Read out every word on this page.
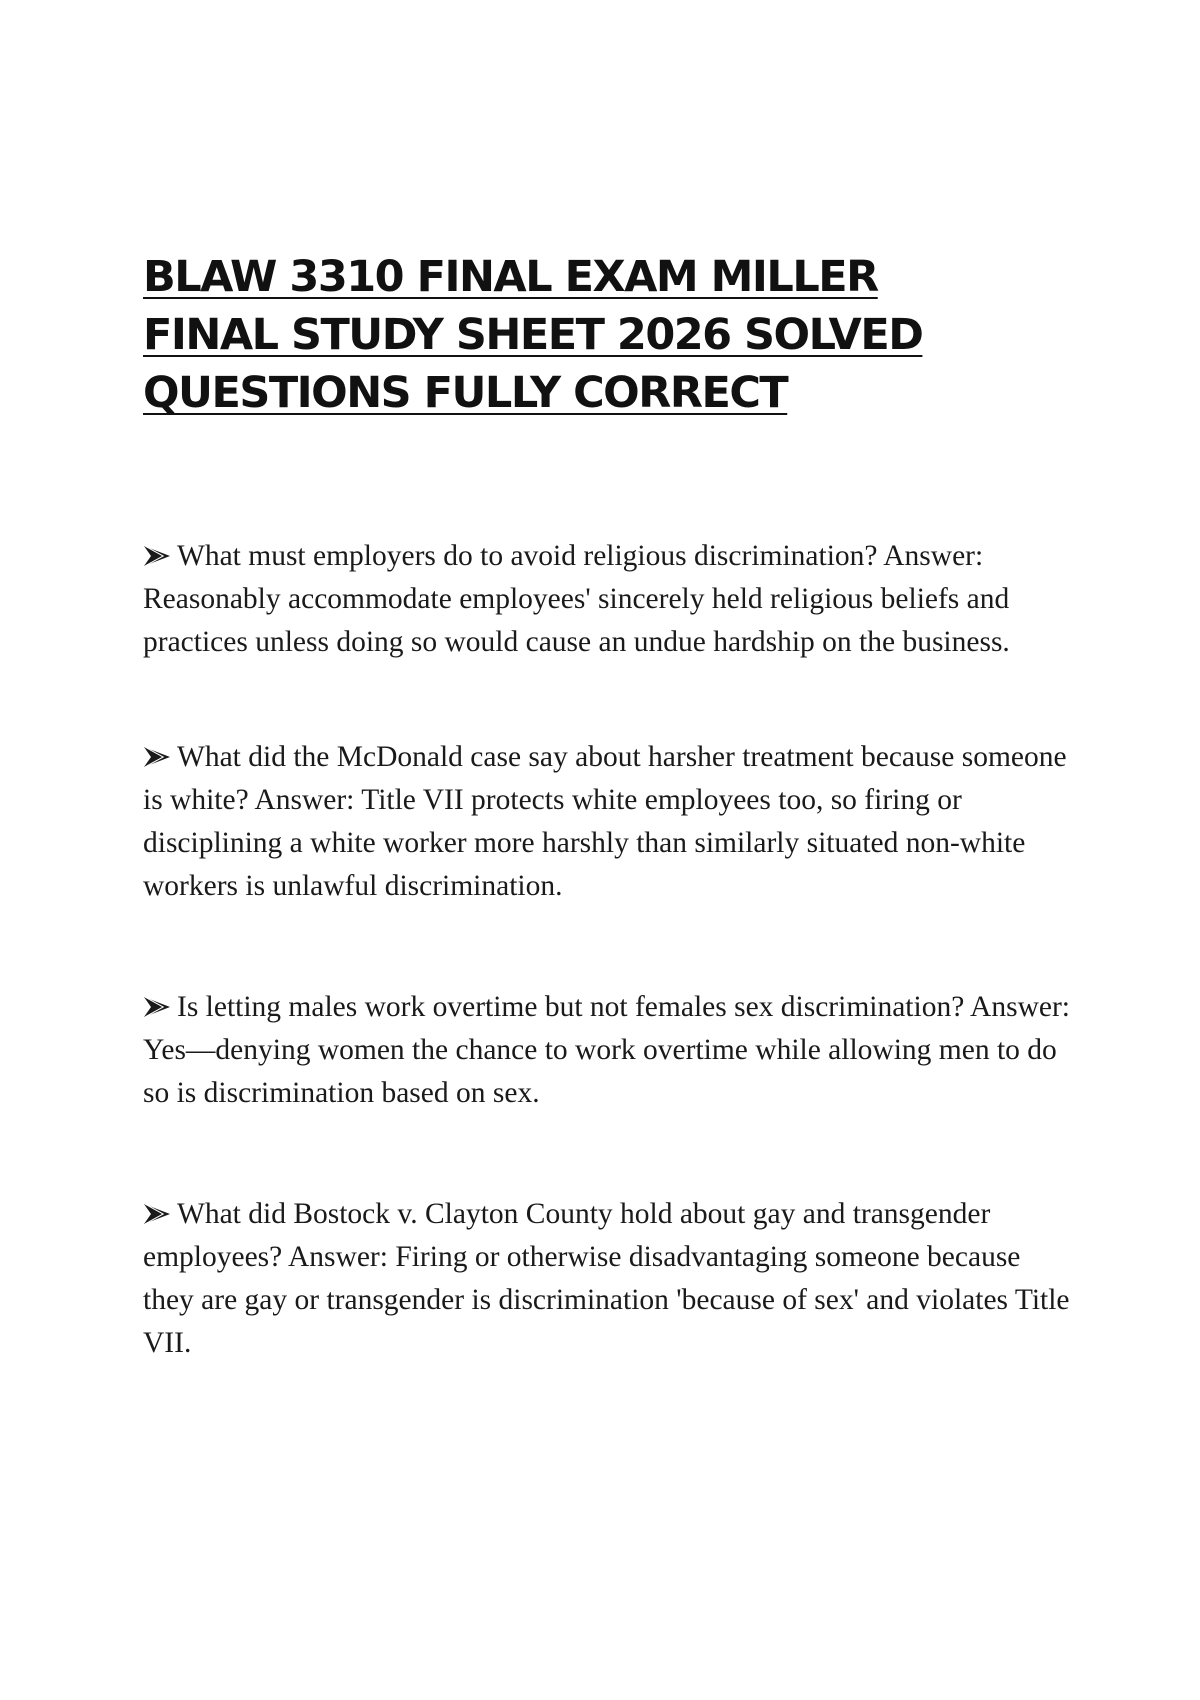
BLAW 3310 FINAL EXAM MILLER FINAL STUDY SHEET 2026 SOLVED QUESTIONS FULLY CORRECT

What must employers do to avoid religious discrimination? Answer: Reasonably accommodate employees' sincerely held religious beliefs and practices unless doing so would cause an undue hardship on the business.

What did the McDonald case say about harsher treatment because someone is white? Answer: Title VII protects white employees too, so firing or disciplining a white worker more harshly than similarly situated non-white workers is unlawful discrimination.

Is letting males work overtime but not females sex discrimination? Answer: Yes—denying women the chance to work overtime while allowing men to do so is discrimination based on sex.

What did Bostock v. Clayton County hold about gay and transgender employees? Answer: Firing or otherwise disadvantaging someone because they are gay or transgender is discrimination 'because of sex' and violates Title VII.
